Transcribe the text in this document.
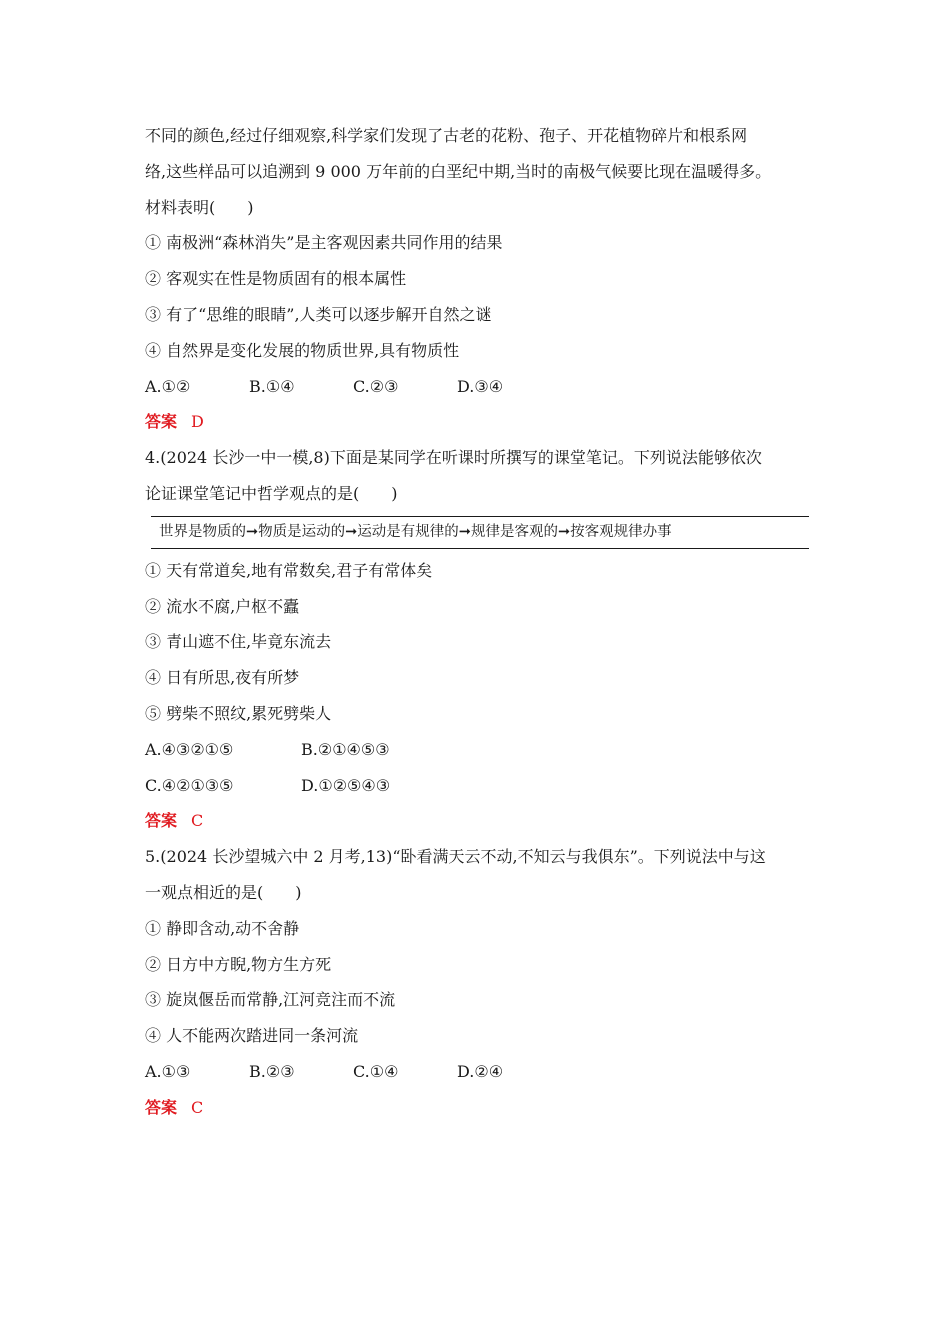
不同的颜色,经过仔细观察,科学家们发现了古老的花粉、孢子、开花植物碎片和根系网
络,这些样品可以追溯到 9 000 万年前的白垩纪中期,当时的南极气候要比现在温暖得多。
材料表明(　　)
① 南极洲“森林消失”是主客观因素共同作用的结果
② 客观实在性是物质固有的根本属性
③ 有了“思维的眼睛”,人类可以逐步解开自然之谜
④ 自然界是变化发展的物质世界,具有物质性
A.①②	B.①④	C.②③	D.③④
答案 D
4.(2024 长沙一中一模,8)下面是某同学在听课时所撰写的课堂笔记。下列说法能够依次
论证课堂笔记中哲学观点的是(　　)
世界是物质的➞物质是运动的➞运动是有规律的➞规律是客观的➞按客观规律办事
① 天有常道矣,地有常数矣,君子有常体矣
② 流水不腐,户枢不蠹
③ 青山遮不住,毕竟东流去
④ 日有所思,夜有所梦
⑤ 劈柴不照纹,累死劈柴人
A.④③②①⑤	B.②①④⑤③
C.④②①③⑤	D.①②⑤④③
答案 C
5.(2024 长沙望城六中 2 月考,13)“卧看满天云不动,不知云与我俱东”。下列说法中与这
一观点相近的是(　　)
① 静即含动,动不舍静
② 日方中方睨,物方生方死
③ 旋岚偃岳而常静,江河竞注而不流
④ 人不能两次踏进同一条河流
A.①③	B.②③	C.①④	D.②④
答案 C
